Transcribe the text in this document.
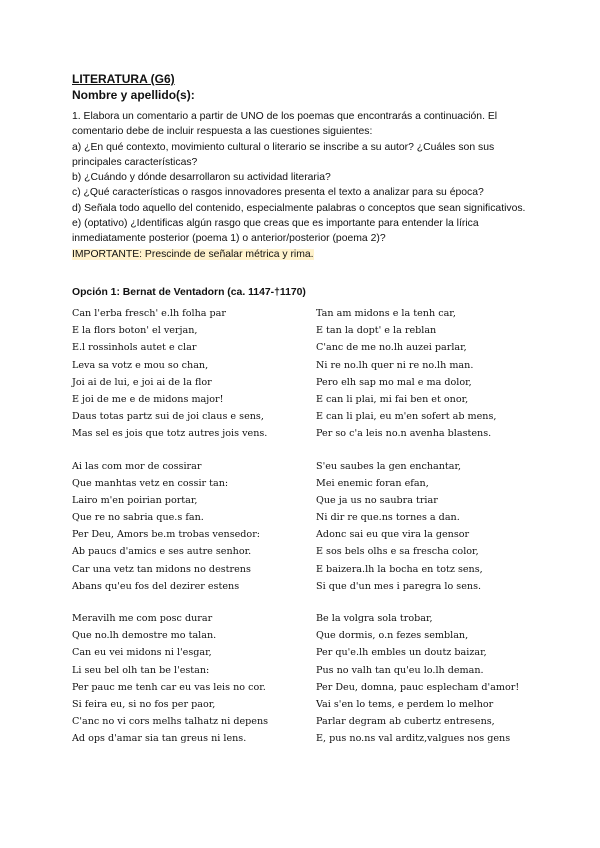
LITERATURA (G6)

Nombre y apellido(s):

1. Elabora un comentario a partir de UNO de los poemas que encontrarás a continuación. El comentario debe de incluir respuesta a las cuestiones siguientes:

a) ¿En qué contexto, movimiento cultural o literario se inscribe a su autor? ¿Cuáles son sus principales características?

b) ¿Cuándo y dónde desarrollaron su actividad literaria?

c) ¿Qué características o rasgos innovadores presenta el texto a analizar para su época?

d) Señala todo aquello del contenido, especialmente palabras o conceptos que sean significativos.

e) (optativo) ¿Identificas algún rasgo que creas que es importante para entender la lírica inmediatamente posterior (poema 1) o anterior/posterior (poema 2)?

IMPORTANTE: Prescinde de señalar métrica y rima.

Opción 1: Bernat de Ventadorn (ca. 1147-†1170)

Can l'erba fresch' e.lh folha par
E la flors boton' el verjan,
E.l rossinhols autet e clar
Leva sa votz e mou so chan,
Joi ai de lui, e joi ai de la flor
E joi de me e de midons major!
Daus totas partz sui de joi claus e sens,
Mas sel es jois que totz autres jois vens.
Ai las com mor de cossirar
Que manhtas vetz en cossir tan:
Lairo m'en poirian portar,
Que re no sabria que.s fan.
Per Deu, Amors be.m trobas vensedor:
Ab paucs d'amics e ses autre senhor.
Car una vetz tan midons no destrens
Abans qu'eu fos del dezirer estens
Meravilh me com posc durar
Que no.lh demostre mo talan.
Can eu vei midons ni l'esgar,
Li seu bel olh tan be l'estan:
Per pauc me tenh car eu vas leis no cor.
Si feira eu, si no fos per paor,
C'anc no vi cors melhs talhatz ni depens
Ad ops d'amar sia tan greus ni lens.
Tan am midons e la tenh car,
E tan la dopt' e la reblan
C'anc de me no.lh auzei parlar,
Ni re no.lh quer ni re no.lh man.
Pero elh sap mo mal e ma dolor,
E can li plai, mi fai ben et onor,
E can li plai, eu m'en sofert ab mens,
Per so c'a leis no.n avenha blastens.
S'eu saubes la gen enchantar,
Mei enemic foran efan,
Que ja us no saubra triar
Ni dir re que.ns tornes a dan.
Adonc sai eu que vira la gensor
E sos bels olhs e sa frescha color,
E baizera.lh la bocha en totz sens,
Si que d'un mes i paregra lo sens.
Be la volgra sola trobar,
Que dormis, o.n fezes semblan,
Per qu'e.lh embles un doutz baizar,
Pus no valh tan qu'eu lo.lh deman.
Per Deu, domna, pauc esplecham d'amor!
Vai s'en lo tems, e perdem lo melhor
Parlar degram ab cubertz entresens,
E, pus no.ns val arditz,valgues nos gens
